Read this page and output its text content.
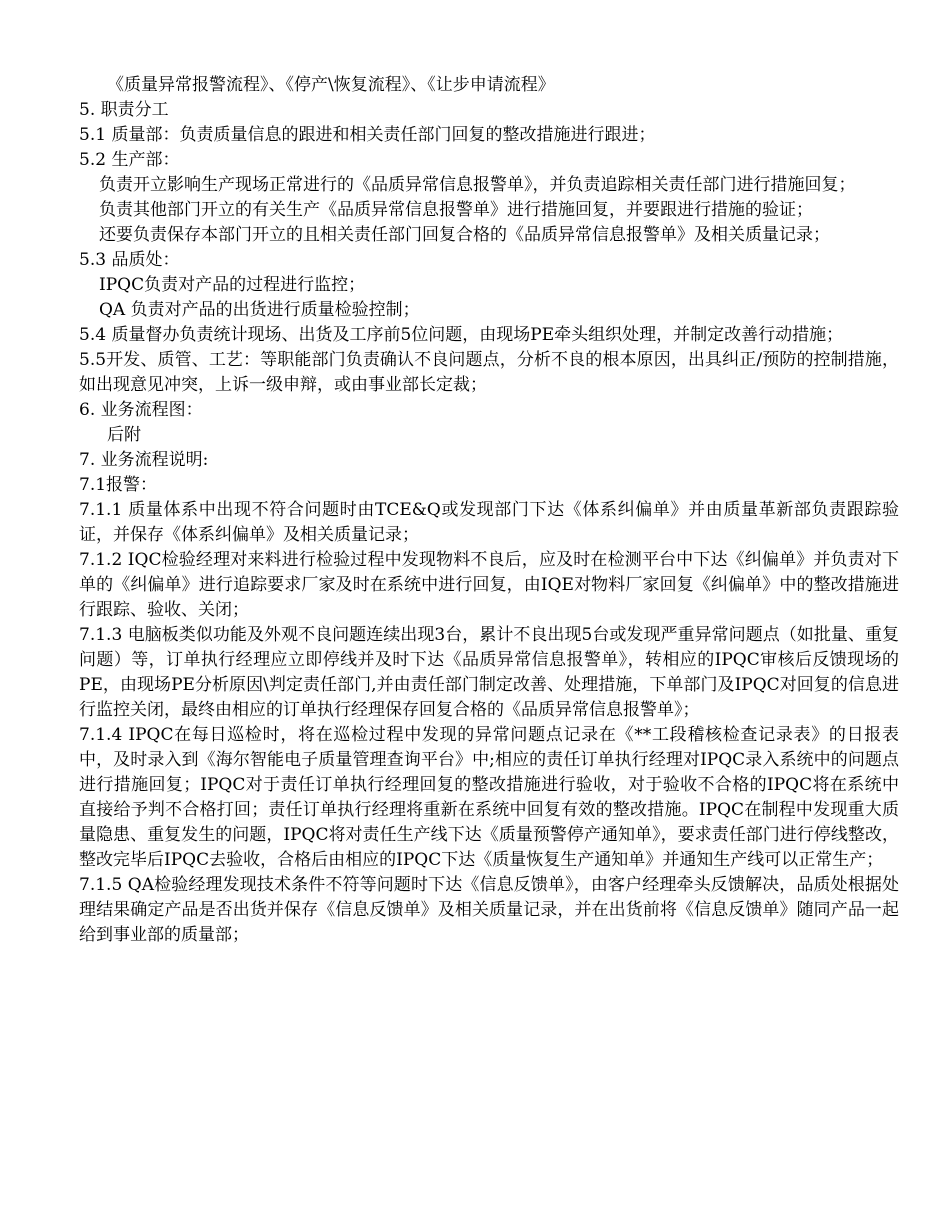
《质量异常报警流程》、《停产\恢复流程》、《让步申请流程》
5. 职责分工
5.1 质量部：负责质量信息的跟进和相关责任部门回复的整改措施进行跟进；
5.2 生产部：
负责开立影响生产现场正常进行的《品质异常信息报警单》，并负责追踪相关责任部门进行措施回复；
负责其他部门开立的有关生产《品质异常信息报警单》进行措施回复，并要跟进行措施的验证；
还要负责保存本部门开立的且相关责任部门回复合格的《品质异常信息报警单》及相关质量记录；
5.3 品质处：
IPQC负责对产品的过程进行监控；
QA 负责对产品的出货进行质量检验控制；
5.4 质量督办负责统计现场、出货及工序前5位问题，由现场PE牵头组织处理，并制定改善行动措施；
5.5开发、质管、工艺：等职能部门负责确认不良问题点，分析不良的根本原因，出具纠正/预防的控制措施，如出现意见冲突，上诉一级申辩，或由事业部长定裁；
6. 业务流程图：
后附
7. 业务流程说明:
7.1报警：
7.1.1 质量体系中出现不符合问题时由TCE&Q或发现部门下达《体系纠偏单》并由质量革新部负责跟踪验证，并保存《体系纠偏单》及相关质量记录；
7.1.2 IQC检验经理对来料进行检验过程中发现物料不良后，应及时在检测平台中下达《纠偏单》并负责对下单的《纠偏单》进行追踪要求厂家及时在系统中进行回复，由IQE对物料厂家回复《纠偏单》中的整改措施进行跟踪、验收、关闭；
7.1.3 电脑板类似功能及外观不良问题连续出现3台，累计不良出现5台或发现严重异常问题点（如批量、重复问题）等，订单执行经理应立即停线并及时下达《品质异常信息报警单》，转相应的IPQC审核后反馈现场的PE，由现场PE分析原因\判定责任部门,并由责任部门制定改善、处理措施，下单部门及IPQC对回复的信息进行监控关闭，最终由相应的订单执行经理保存回复合格的《品质异常信息报警单》；
7.1.4 IPQC在每日巡检时，将在巡检过程中发现的异常问题点记录在《**工段稽核检查记录表》的日报表中，及时录入到《海尔智能电子质量管理查询平台》中;相应的责任订单执行经理对IPQC录入系统中的问题点进行措施回复；IPQC对于责任订单执行经理回复的整改措施进行验收，对于验收不合格的IPQC将在系统中直接给予判不合格打回；责任订单执行经理将重新在系统中回复有效的整改措施。IPQC在制程中发现重大质量隐患、重复发生的问题，IPQC将对责任生产线下达《质量预警停产通知单》，要求责任部门进行停线整改，整改完毕后IPQC去验收，合格后由相应的IPQC下达《质量恢复生产通知单》并通知生产线可以正常生产；
7.1.5 QA检验经理发现技术条件不符等问题时下达《信息反馈单》，由客户经理牵头反馈解决，品质处根据处理结果确定产品是否出货并保存《信息反馈单》及相关质量记录，并在出货前将《信息反馈单》随同产品一起给到事业部的质量部；
